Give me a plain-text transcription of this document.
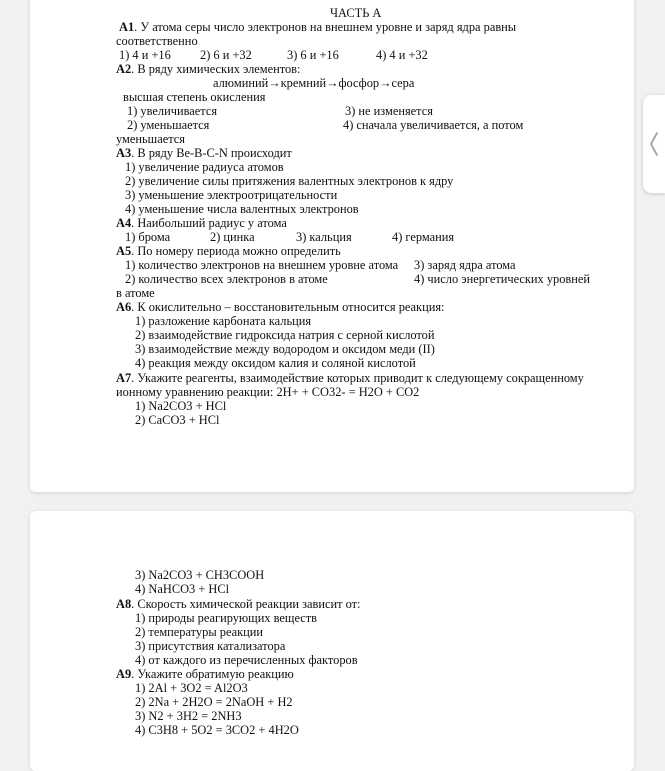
ЧАСТЬ А
А1. У атома серы число электронов на внешнем уровне и заряд ядра равны
соответственно
1) 4 и +16 2) 6 и +32	3) 6 и +16	4) 4 и +32
А2. В ряду химических элементов:
алюминий→кремний→фосфор→сера
высшая степень окисления
1) увеличивается	3) не изменяется
2) уменьшается	4) сначала увеличивается, а потом
уменьшается
А3. В ряду Be-B-C-N происходит
1) увеличение радиуса атомов
2) увеличение силы притяжения валентных электронов к ядру
3) уменьшение электроотрицательности
4) уменьшение числа валентных электронов
А4. Наибольший радиус у атома
1) брома	2) цинка	3) кальция	4) германия
А5. По номеру периода можно определить
1) количество электронов на внешнем уровне атома 3) заряд ядра атома
2) количество всех электронов в атоме	4) число энергетических уровней
в атоме
А6. К окислительно – восстановительным относится реакция:
1) разложение карбоната кальция
2) взаимодействие гидроксида натрия с серной кислотой
3) взаимодействие между водородом и оксидом меди (II)
4) реакция между оксидом калия и соляной кислотой
А7. Укажите реагенты, взаимодействие которых приводит к следующему сокращенному
ионному уравнению реакции: 2H+ + CO32- = H2O + CO2
1) Na2CO3 + HCl
2) CaCO3 + HCl
3) Na2CO3 + CH3COOH
4) NaHCO3 + HCl
А8. Скорость химической реакции зависит от:
1) природы реагирующих веществ
2) температуры реакции
3) присутствия катализатора
4) от каждого из перечисленных факторов
А9. Укажите обратимую реакцию
1) 2Al + 3O2 = Al2O3
2) 2Na + 2H2O = 2NaOH + H2
3) N2 + 3H2 = 2NH3
4) C3H8 + 5O2 = 3CO2 + 4H2O
